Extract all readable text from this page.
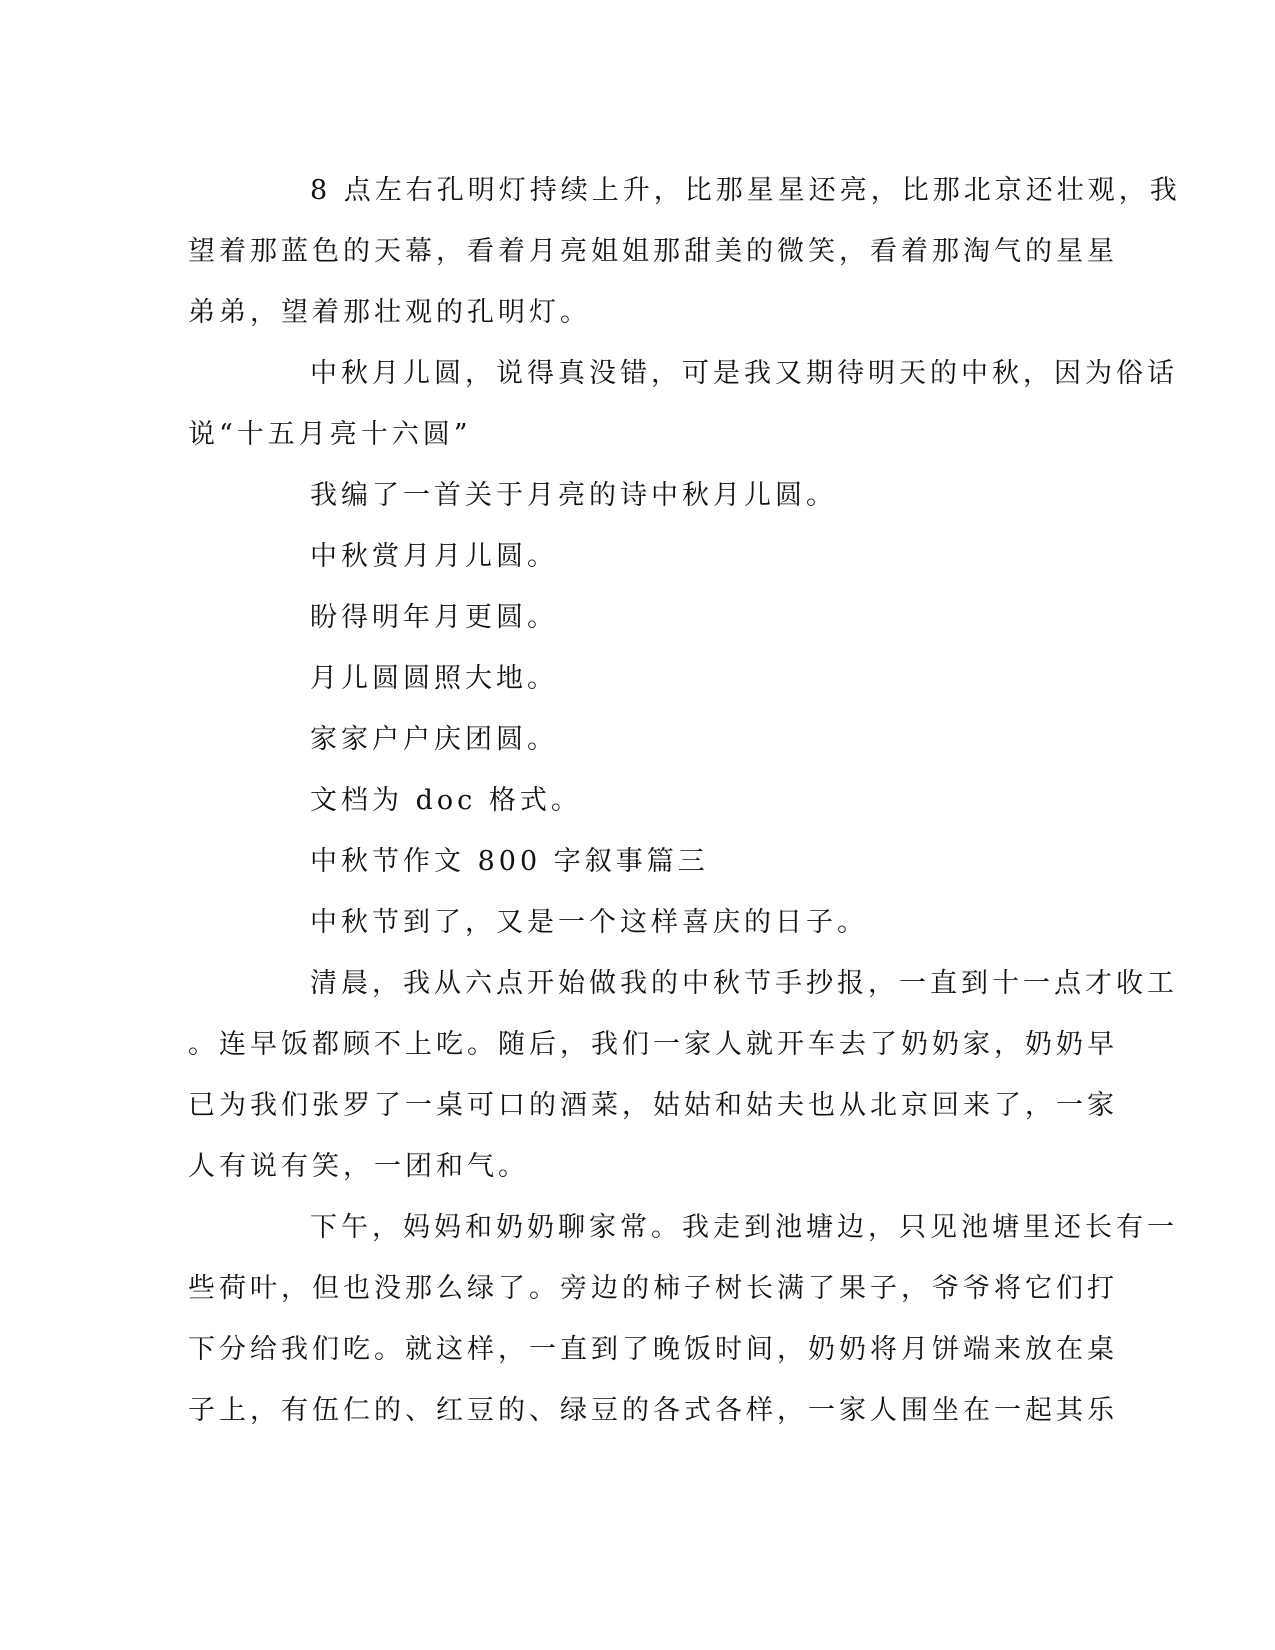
8 点左右孔明灯持续上升，比那星星还亮，比那北京还壮观，我
望着那蓝色的天幕，看着月亮姐姐那甜美的微笑，看着那淘气的星星
弟弟，望着那壮观的孔明灯。
中秋月儿圆，说得真没错，可是我又期待明天的中秋，因为俗话
说“十五月亮十六圆”
我编了一首关于月亮的诗中秋月儿圆。
中秋赏月月儿圆。
盼得明年月更圆。
月儿圆圆照大地。
家家户户庆团圆。
文档为 doc 格式。
中秋节作文 800 字叙事篇三
中秋节到了，又是一个这样喜庆的日子。
清晨，我从六点开始做我的中秋节手抄报，一直到十一点才收工
。连早饭都顾不上吃。随后，我们一家人就开车去了奶奶家，奶奶早
已为我们张罗了一桌可口的酒菜，姑姑和姑夫也从北京回来了，一家
人有说有笑，一团和气。
下午，妈妈和奶奶聊家常。我走到池塘边，只见池塘里还长有一
些荷叶，但也没那么绿了。旁边的柿子树长满了果子，爷爷将它们打
下分给我们吃。就这样，一直到了晚饭时间，奶奶将月饼端来放在桌
子上，有伍仁的、红豆的、绿豆的各式各样，一家人围坐在一起其乐
